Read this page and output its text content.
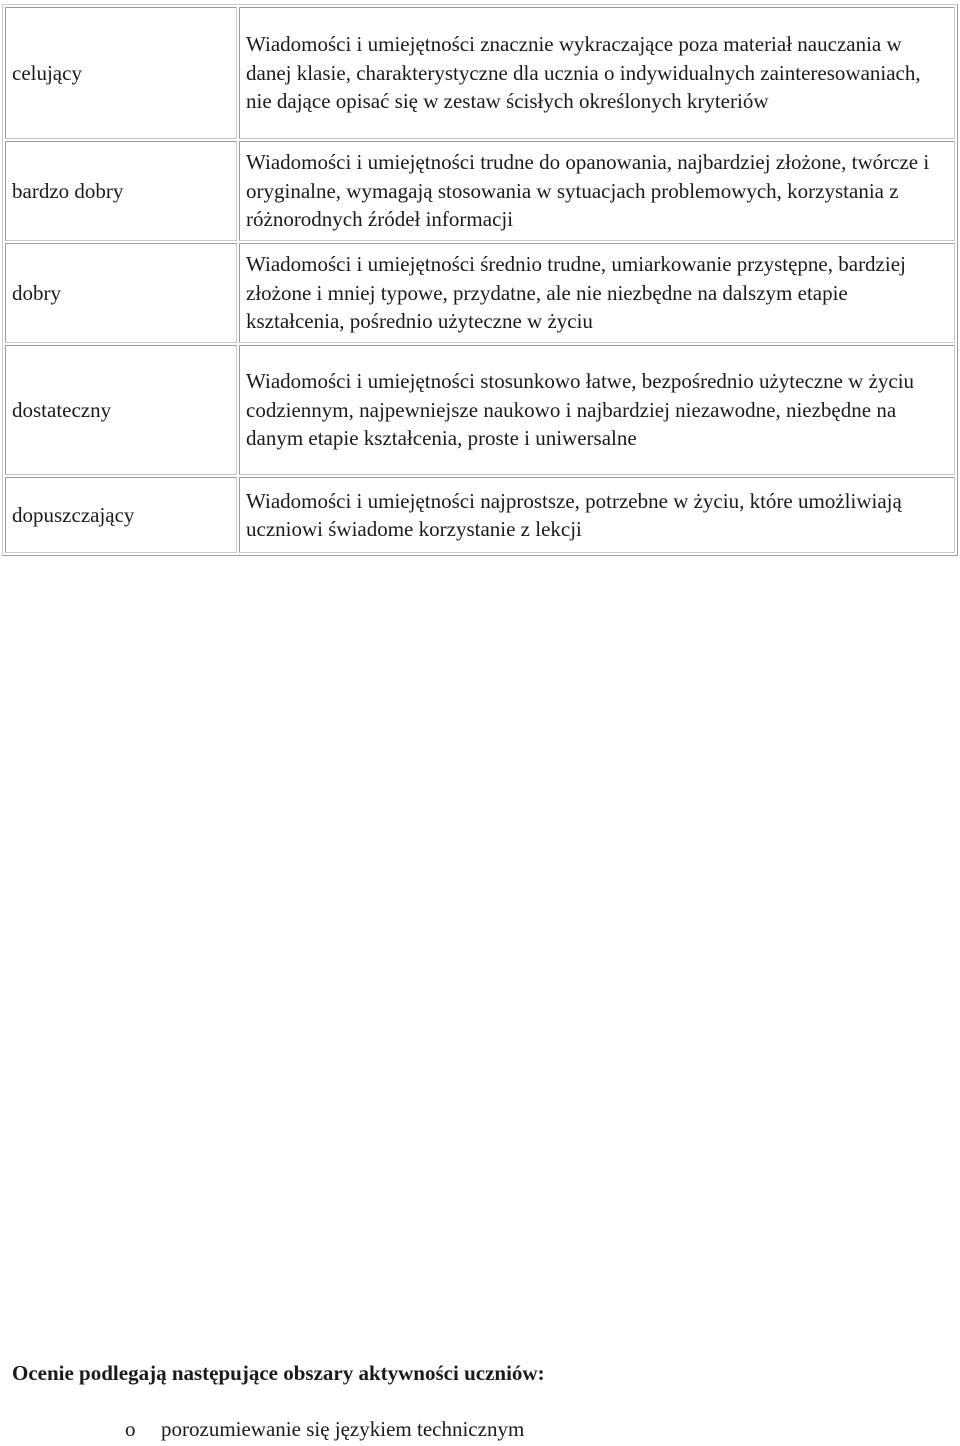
celujący	Wiadomości i umiejętności znacznie wykraczające poza materiał nauczania w danej klasie, charakterystyczne dla ucznia o indywidualnych zainteresowaniach, nie dające opisać się w zestaw ścisłych określonych kryteriów
bardzo dobry	Wiadomości i umiejętności trudne do opanowania, najbardziej złożone, twórcze i oryginalne, wymagają stosowania w sytuacjach problemowych, korzystania z różnorodnych źródeł informacji
dobry	Wiadomości i umiejętności średnio trudne, umiarkowanie przystępne, bardziej złożone i mniej typowe, przydatne, ale nie niezbędne na dalszym etapie kształcenia, pośrednio użyteczne w życiu
dostateczny	Wiadomości i umiejętności stosunkowo łatwe, bezpośrednio użyteczne w życiu codziennym, najpewniejsze naukowo i najbardziej niezawodne, niezbędne na danym etapie kształcenia, proste i uniwersalne
dopuszczający	Wiadomości i umiejętności najprostsze, potrzebne w życiu, które umożliwiają uczniowi świadome korzystanie z lekcji

Ocenie podlegają następujące obszary aktywności uczniów:

o porozumiewanie się językiem technicznym
